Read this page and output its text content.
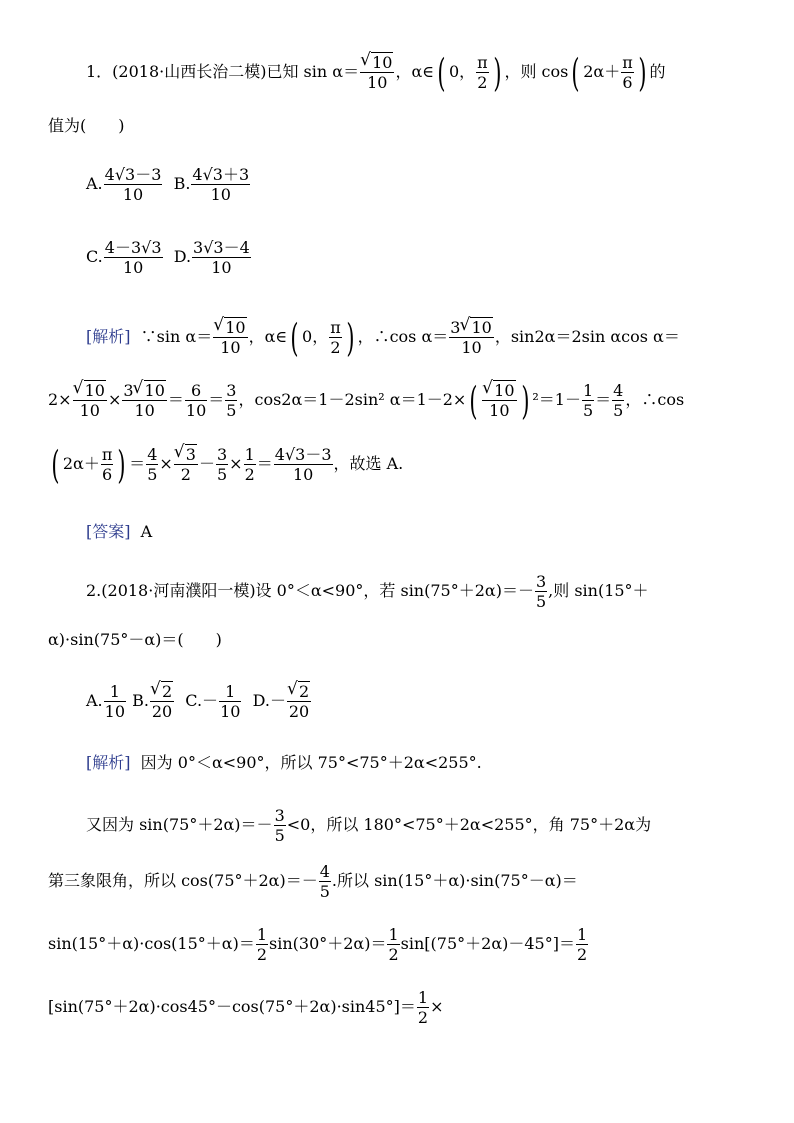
1．(2018·山西长治二模)已知 sin α＝ √ $\frac{10}{10}$ ，α∈( 0， $\frac{\pi}{2}$ ) ，则 cos( $2\alpha+ \frac{\pi}{6}$ ) 的
值为(　　)
A. $\frac{4√3-3}{10} B$. $\frac{4√3+3}{10}$
C. $\frac{4-3√3}{10} D$. $\frac{3√3-4}{10}$
[解析] ∵sin α＝ √ $\frac{10}{10}$ ，α∈( 0， $\frac{\pi}{2}$ ) ，∴cos $\alpha= \frac{3 √ 10}{10}$ ，sin2α＝2sin αcos α＝
2× √ $\frac{10}{10} \times \frac{3 √ 10}{10} = \frac{6}{10} = \frac{3}{5}$ ，cos2α＝1－2sin² α＝1－2×( √ $\frac{10}{10}$ ) $^2=1- \frac{1}{5} = \frac{4}{5}$ ，∴cos
( $2\alpha+ \frac{\pi}{6}$ ) ＝ $\frac{4}{5}$ × √ $\frac{3}{2} - \frac{3}{5} \times \frac{1}{2} = \frac{4√3-3}{10}$ ，故选 A.
[答案] A
2.(2018·河南濮阳一模)设 0°＜α<90°，若 $\sin(75^\circ+2\alpha)=- \frac{3}{5}$ ,则 sin(15°＋
α)·sin(75°－α)＝(　　)
A. $\frac{1}{10} B$. √ $\frac{2}{20} C.- \frac{1}{10} D.-$ √ $\frac{2}{20}$
[解析] 因为 0°＜α<90°，所以 75°<75°＋2α<255°.
又因为 $\sin(75^\circ+2\alpha)=- \frac{3}{5} <0$，所以 180°<75°＋2α<255°，角 75°＋2α为
第三象限角，所以 $\cos(75^\circ+2\alpha)=- \frac{4}{5}$ .所以 sin(15°＋α)·sin(75°－α)＝
$\sin(15^\circ+\alpha)\cdot\cos(15^\circ+\alpha)= \frac{1}{2} \sin(30^\circ+2\alpha)= \frac{1}{2} \sin[(75^\circ+2\alpha)-45^\circ]= \frac{1}{2}$
$[\sin(75^\circ+2\alpha)\cdot\cos 45^\circ-\cos(75^\circ+2\alpha)\cdot\sin 45^\circ]= \frac{1}{2}$ ×
